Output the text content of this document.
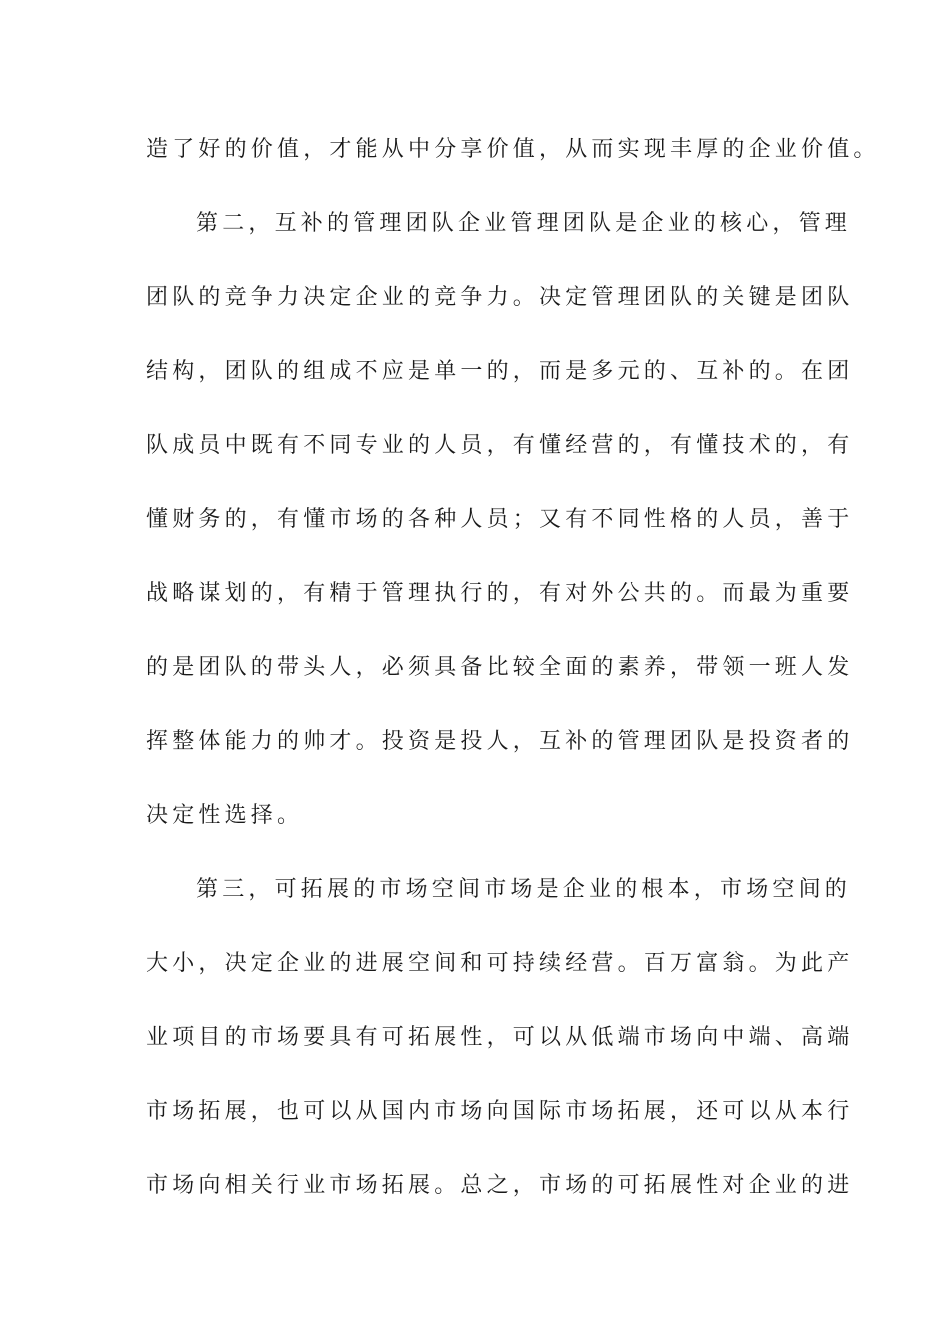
造了好的价值，才能从中分享价值，从而实现丰厚的企业价值。
第二，互补的管理团队企业管理团队是企业的核心，管理
团队的竞争力决定企业的竞争力。决定管理团队的关键是团队
结构，团队的组成不应是单一的，而是多元的、互补的。在团
队成员中既有不同专业的人员，有懂经营的，有懂技术的，有
懂财务的，有懂市场的各种人员；又有不同性格的人员，善于
战略谋划的，有精于管理执行的，有对外公共的。而最为重要
的是团队的带头人，必须具备比较全面的素养，带领一班人发
挥整体能力的帅才。投资是投人，互补的管理团队是投资者的
决定性选择。
第三，可拓展的市场空间市场是企业的根本，市场空间的
大小，决定企业的进展空间和可持续经营。百万富翁。为此产
业项目的市场要具有可拓展性，可以从低端市场向中端、高端
市场拓展，也可以从国内市场向国际市场拓展，还可以从本行
市场向相关行业市场拓展。总之，市场的可拓展性对企业的进
